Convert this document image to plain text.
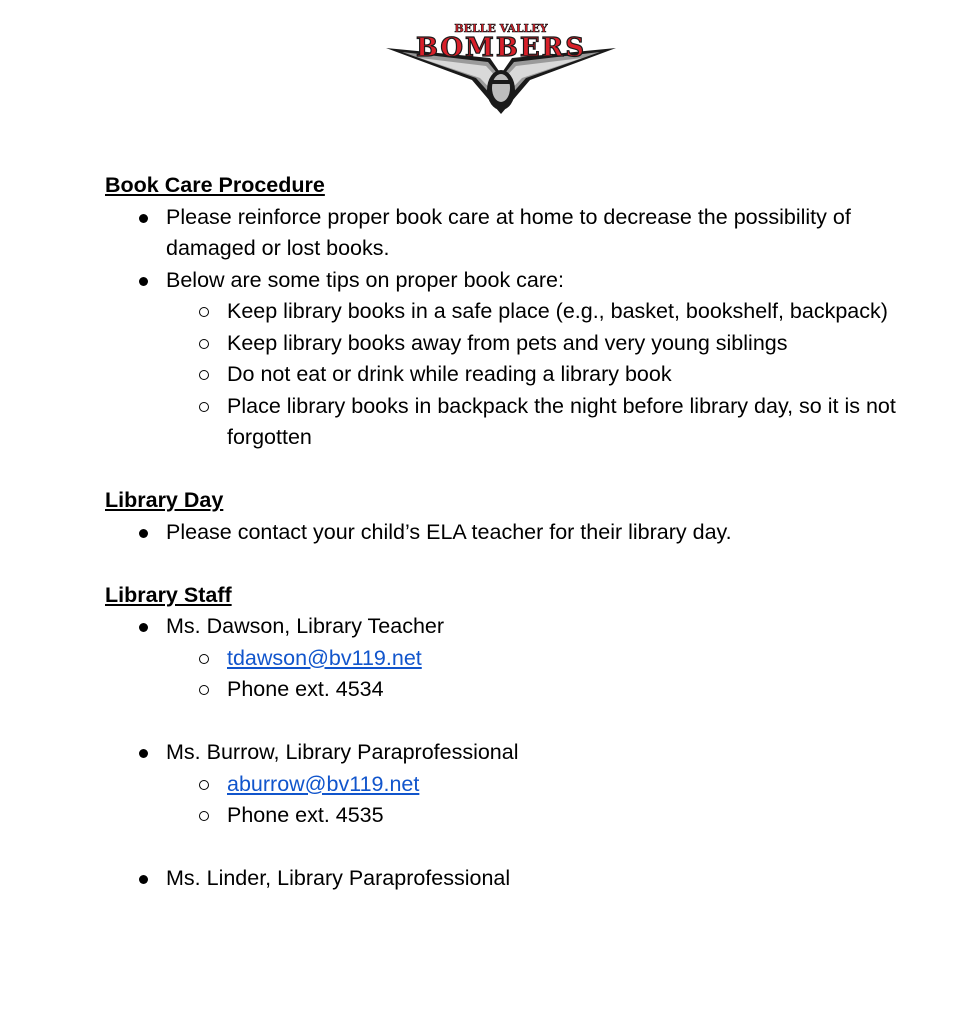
BELLE VALLEY
BOMBERS
Book Care Procedure
Please reinforce proper book care at home to decrease the possibility of damaged or lost books.
Below are some tips on proper book care:
Keep library books in a safe place (e.g., basket, bookshelf, backpack)
Keep library books away from pets and very young siblings
Do not eat or drink while reading a library book
Place library books in backpack the night before library day, so it is not forgotten
Library Day
Please contact your child’s ELA teacher for their library day.
Library Staff
Ms. Dawson, Library Teacher
tdawson@bv119.net
Phone ext. 4534
Ms. Burrow, Library Paraprofessional
aburrow@bv119.net
Phone ext. 4535
Ms. Linder, Library Paraprofessional
